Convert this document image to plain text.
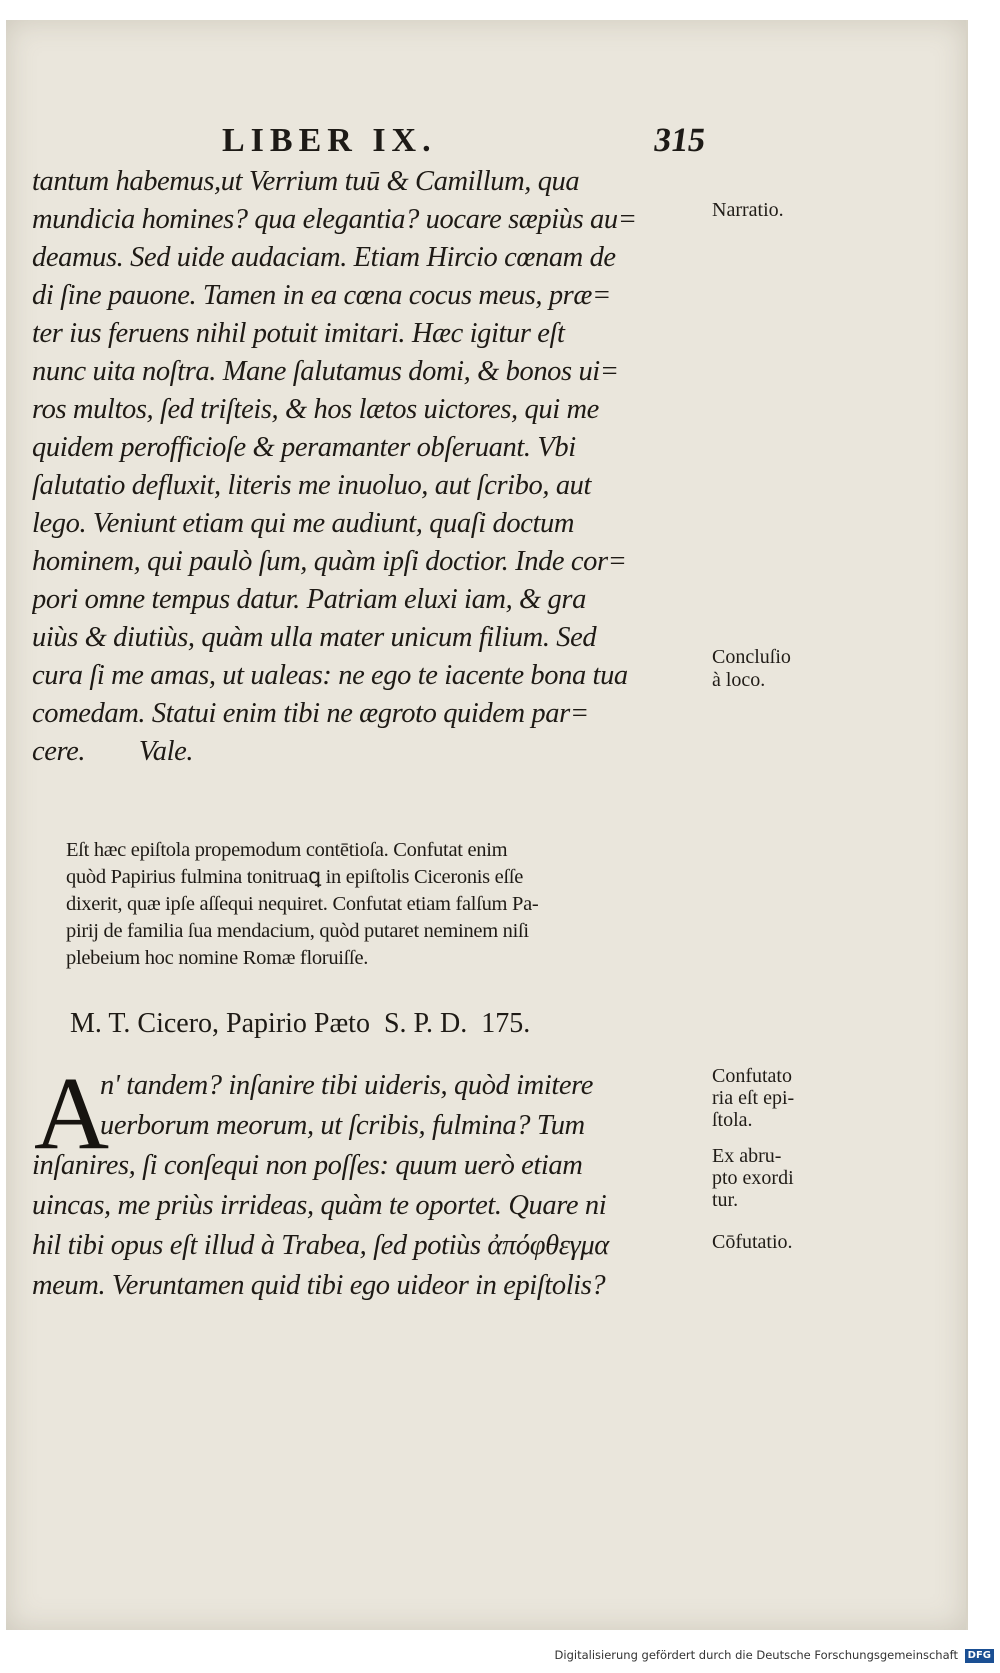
LIBER IX.	315
tantum habemus,ut Verrium tuū & Camillum, qua
mundicia homines? qua elegantia? uocare sæpiùs au=
deamus. Sed uide audaciam. Etiam Hircio cœnam de
di ſine pauone. Tamen in ea cœna cocus meus, præ=
ter ius feruens nihil potuit imitari. Hæc igitur eſt
nunc uita noſtra. Mane ſalutamus domi, & bonos ui=
ros multos, ſed triſteis, & hos lætos uictores, qui me
quidem perofficioſe & peramanter obſeruant. Vbi
ſalutatio defluxit, literis me inuoluo, aut ſcribo, aut
lego. Veniunt etiam qui me audiunt, quaſi doctum
hominem, qui paulò ſum, quàm ipſi doctior. Inde cor=
pori omne tempus datur. Patriam eluxi iam, & gra
uiùs & diutiùs, quàm ulla mater unicum filium. Sed
cura ſi me amas, ut ualeas: ne ego te iacente bona tua
comedam. Statui enim tibi ne ægroto quidem par=
cere.        Vale.
Narratio.
Concluſio
à loco.
Confutato
ria eſt epi-
ſtola.
Ex abru-
pto exordi
tur.
Cōfutatio.
Eſt hæc epiſtola propemodum contētioſa. Confutat enim
quòd Papirius fulmina tonitruaꝗ in epiſtolis Ciceronis eſſe
dixerit, quæ ipſe aſſequi nequiret. Confutat etiam falſum Pa-
pirij de familia ſua mendacium, quòd putaret neminem niſi
plebeium hoc nomine Romæ floruiſſe.
M. T. Cicero, Papirio Pæto  S. P. D.  175.
A
n' tandem? inſanire tibi uideris, quòd imitere
uerborum meorum, ut ſcribis, fulmina? Tum
inſanires, ſi conſequi non poſſes: quum uerò etiam
uincas, me priùs irrideas, quàm te oportet. Quare ni
hil tibi opus eſt illud à Trabea, ſed potiùs ἀπόφθεγμα
meum. Veruntamen quid tibi ego uideor in epiſtolis?
Digitalisierung gefördert durch die Deutsche Forschungsgemeinschaft DFG
